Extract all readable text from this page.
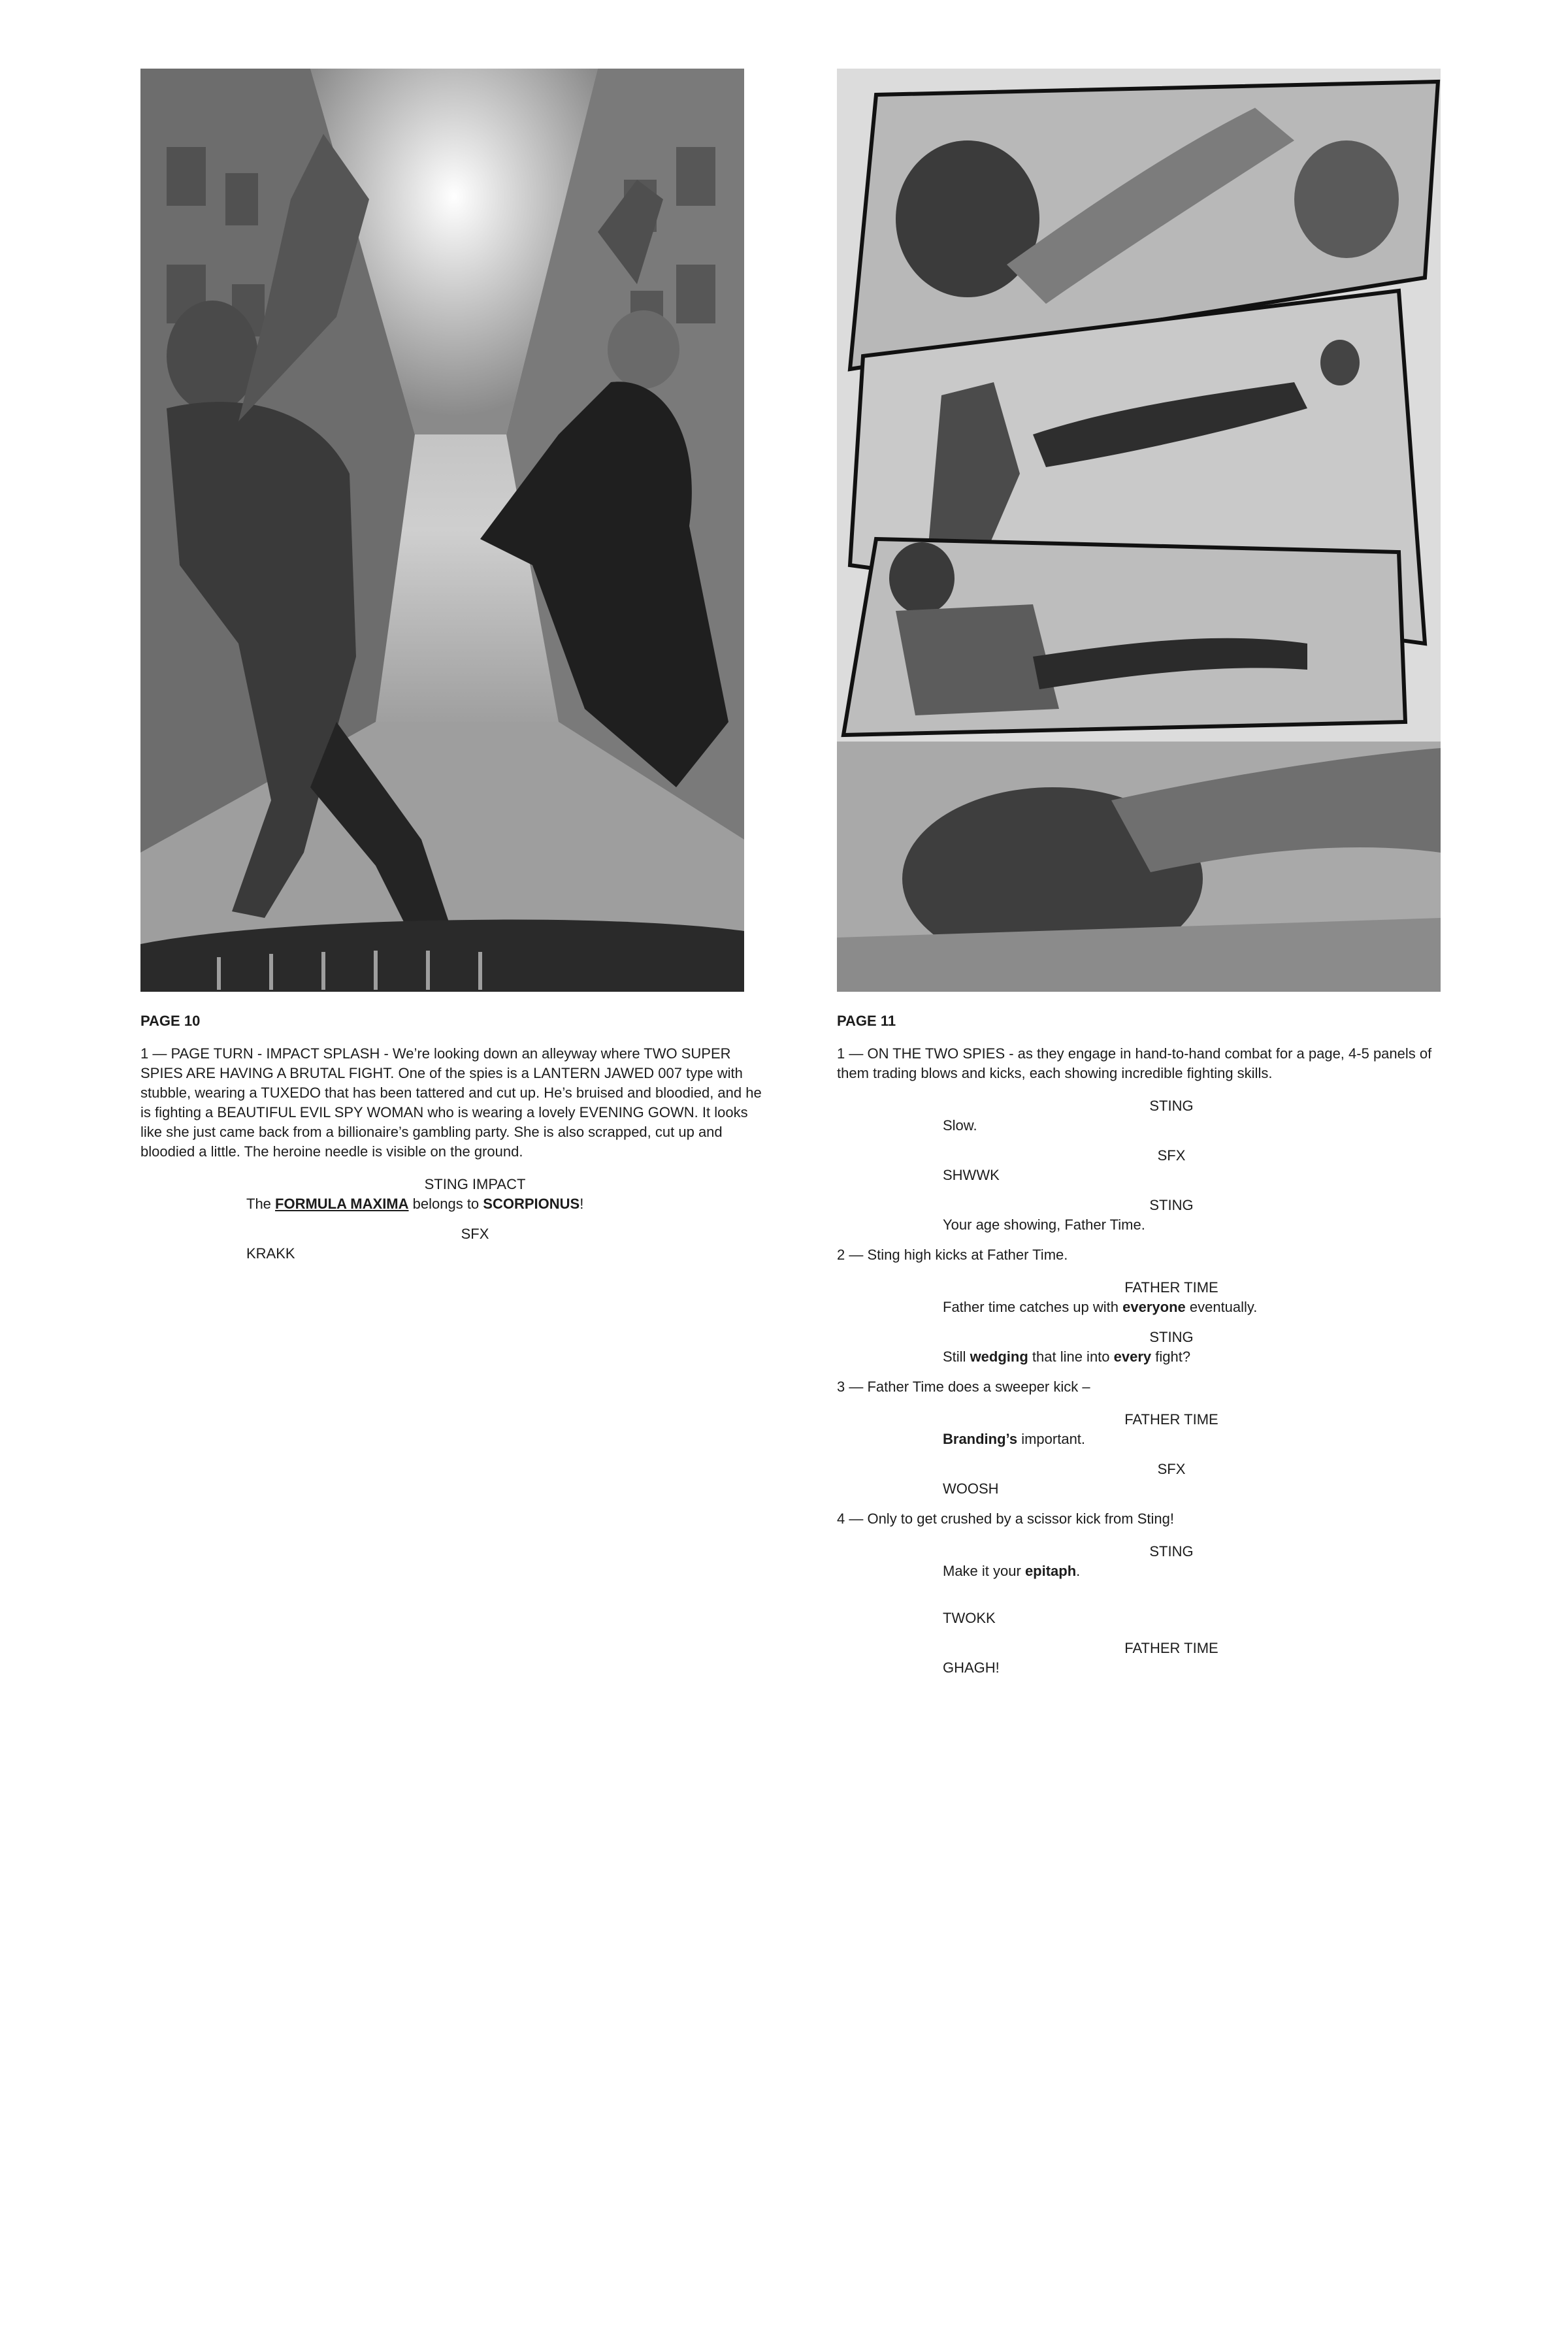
PAGE 10
1 — PAGE TURN - IMPACT SPLASH - We’re looking down an alleyway where TWO SUPER SPIES ARE HAVING A BRUTAL FIGHT. One of the spies is a LANTERN JAWED 007 type with stubble, wearing a TUXEDO that has been tattered and cut up. He’s bruised and bloodied, and he is fighting a BEAUTIFUL EVIL SPY WOMAN who is wearing a lovely EVENING GOWN. It looks like she just came back from a billionaire’s gambling party. She is also scrapped, cut up and bloodied a little. The heroine needle is visible on the ground.
STING IMPACT
The FORMULA MAXIMA belongs to SCORPIONUS!
SFX
KRAKK
PAGE 11
1 — ON THE TWO SPIES - as they engage in hand-to-hand combat for a page, 4-5 panels of them trading blows and kicks, each showing incredible fighting skills.
STING
Slow.
SFX
SHWWK
STING
Your age showing, Father Time.
2 — Sting high kicks at Father Time.
FATHER TIME
Father time catches up with everyone eventually.
STING
Still wedging that line into every fight?
3 — Father Time does a sweeper kick –
FATHER TIME
Branding’s important.
SFX
WOOSH
4 — Only to get crushed by a scissor kick from Sting!
STING
Make it your epitaph.
TWOKK
FATHER TIME
GHAGH!
